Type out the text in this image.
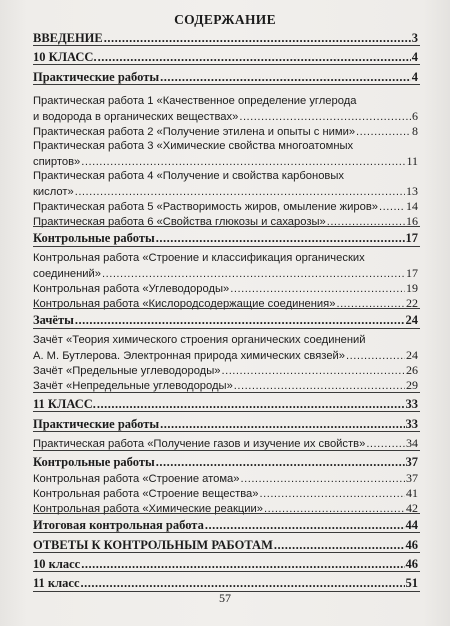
СОДЕРЖАНИЕ
ВВЕДЕНИЕ .....	3
10 КЛАСС. .....	4
Практические работы .....	4
Практическая работа 1 «Качественное определение углерода
и водорода в органических веществах» .....	6
Практическая работа 2 «Получение этилена и опыты с ними» .....	8
Практическая работа 3 «Химические свойства многоатомных
спиртов» .....	11
Практическая работа 4 «Получение и свойства карбоновых
кислот» .....	13
Практическая работа 5 «Растворимость жиров, омыление жиров» ..... 14
Практическая работа 6 «Свойства глюкозы и сахарозы» .....	16
Контрольные работы .....	17
Контрольная работа «Строение и классификация органических
соединений» .....	17
Контрольная работа «Углеводороды» .....	19
Контрольная работа «Кислородсодержащие соединения» .....	22
Зачёты .....	24
Зачёт «Теория химического строения органических соединений
А. М. Бутлерова. Электронная природа химических связей» .....	24
Зачёт «Предельные углеводороды» .....	26
Зачёт «Непредельные углеводороды» .....	29
11 КЛАСС. .....	33
Практические работы .....	33
Практическая работа «Получение газов и изучение их свойств» .....	34
Контрольные работы .....	37
Контрольная работа «Строение атома» .....	37
Контрольная работа «Строение вещества» .....	41
Контрольная работа «Химические реакции» .....	42
Итоговая контрольная работа .....	44
ОТВЕТЫ К КОНТРОЛЬНЫМ РАБОТАМ .....	46
10 класс .....	46
11 класс .....	51
57
